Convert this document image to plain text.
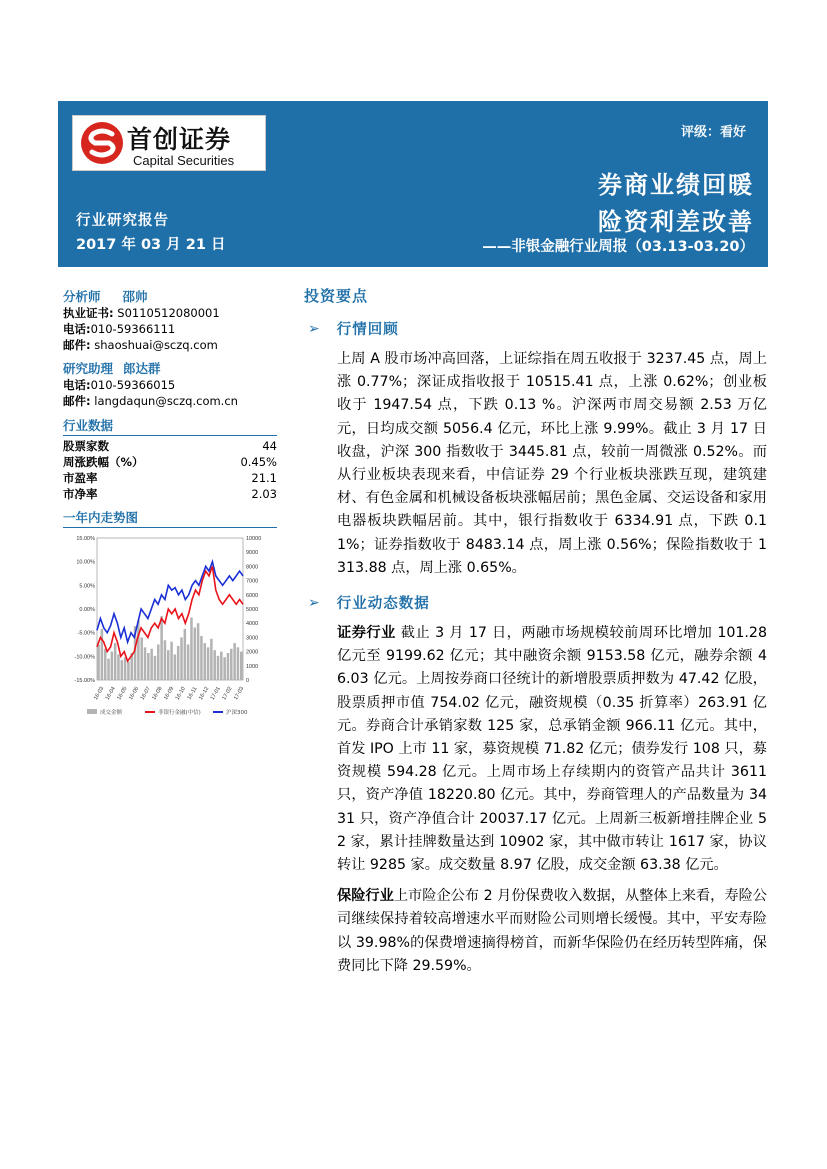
首创证券
Capital Securities
评级：看好
券商业绩回暖
险资利差改善
——非银金融行业周报（03.13-03.20）
行业研究报告
2017 年 03 月 21 日
分析师 邵帅
执业证书: S0110512080001
电话:010-59366111
邮件: shaoshuai@sczq.com
研究助理 郎达群
电话:010-59366015
邮件: langdaqun@sczq.com.cn
行业数据
股票家数	44
周涨跌幅（%）	0.45%
市盈率	21.1
市净率	2.03
一年内走势图
15.00%
10.00%
5.00%
0.00%
-5.00%
-10.00%
-15.00%
10000
9000
8000
7000
6000
5000
4000
3000
2000
1000
0
16-03 16-04 16-05 16-06 16-07 16-08 16-09 16-10 16-11 16-12 17-01 17-02 17-03
成交金额	非银行金融(中信)	沪深300
投资要点
➢ 行情回顾
上周 A 股市场冲高回落，上证综指在周五收报于 3237.45 点，周上涨 0.77%；深证成指收报于 10515.41 点，上涨 0.62%；创业板收于 1947.54 点，下跌 0.13 %。沪深两市周交易额 2.53 万亿元，日均成交额 5056.4 亿元，环比上涨 9.99%。截止 3 月 17 日收盘，沪深 300 指数收于 3445.81 点，较前一周微涨 0.52%。而从行业板块表现来看，中信证券 29 个行业板块涨跌互现，建筑建材、有色金属和机械设备板块涨幅居前；黑色金属、交运设备和家用电器板块跌幅居前。其中，银行指数收于 6334.91 点，下跌 0.11%；证券指数收于 8483.14 点，周上涨 0.56%；保险指数收于 1313.88 点，周上涨 0.65%。
➢ 行业动态数据
证券行业 截止 3 月 17 日，两融市场规模较前周环比增加 101.28 亿元至 9199.62 亿元；其中融资余额 9153.58 亿元，融券余额 46.03 亿元。上周按券商口径统计的新增股票质押数为 47.42 亿股，股票质押市值 754.02 亿元，融资规模（0.35 折算率）263.91 亿元。券商合计承销家数 125 家，总承销金额 966.11 亿元。其中， 首发 IPO 上市 11 家，募资规模 71.82 亿元；债券发行 108 只，募资规模 594.28 亿元。上周市场上存续期内的资管产品共计 3611 只，资产净值 18220.80 亿元。其中，券商管理人的产品数量为 3431 只，资产净值合计 20037.17 亿元。上周新三板新增挂牌企业 52 家，累计挂牌数量达到 10902 家，其中做市转让 1617 家，协议转让 9285 家。成交数量 8.97 亿股，成交金额 63.38 亿元。
保险行业上市险企公布 2 月份保费收入数据，从整体上来看，寿险公司继续保持着较高增速水平而财险公司则增长缓慢。其中，平安寿险以 39.98%的保费增速摘得榜首，而新华保险仍在经历转型阵痛，保费同比下降 29.59%。
